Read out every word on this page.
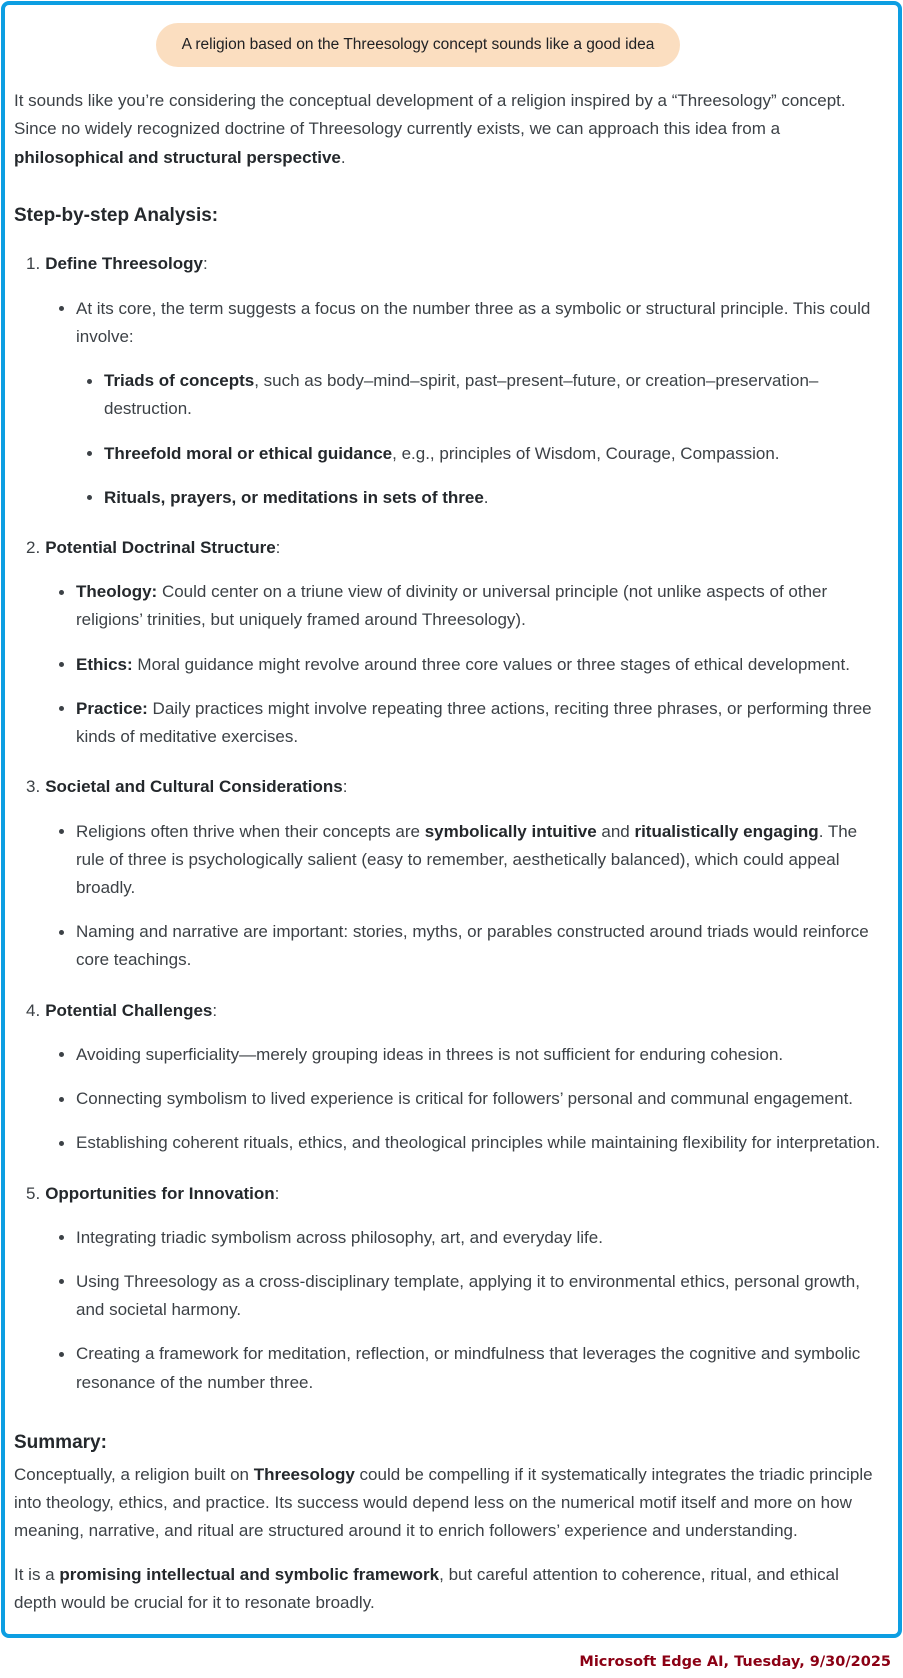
A religion based on the Threesology concept sounds like a good idea

It sounds like you’re considering the conceptual development of a religion inspired by a “Threesology” concept. Since no widely recognized doctrine of Threesology currently exists, we can approach this idea from a philosophical and structural perspective.

Step-by-step Analysis:
1. Define Threesology:
At its core, the term suggests a focus on the number three as a symbolic or structural principle. This could involve:
Triads of concepts, such as body–mind–spirit, past–present–future, or creation–preservation–destruction.
Threefold moral or ethical guidance, e.g., principles of Wisdom, Courage, Compassion.
Rituals, prayers, or meditations in sets of three.
2. Potential Doctrinal Structure:
Theology: Could center on a triune view of divinity or universal principle (not unlike aspects of other religions’ trinities, but uniquely framed around Threesology).
Ethics: Moral guidance might revolve around three core values or three stages of ethical development.
Practice: Daily practices might involve repeating three actions, reciting three phrases, or performing three kinds of meditative exercises.
3. Societal and Cultural Considerations:
Religions often thrive when their concepts are symbolically intuitive and ritualistically engaging. The rule of three is psychologically salient (easy to remember, aesthetically balanced), which could appeal broadly.
Naming and narrative are important: stories, myths, or parables constructed around triads would reinforce core teachings.
4. Potential Challenges:
Avoiding superficiality—merely grouping ideas in threes is not sufficient for enduring cohesion.
Connecting symbolism to lived experience is critical for followers’ personal and communal engagement.
Establishing coherent rituals, ethics, and theological principles while maintaining flexibility for interpretation.
5. Opportunities for Innovation:
Integrating triadic symbolism across philosophy, art, and everyday life.
Using Threesology as a cross-disciplinary template, applying it to environmental ethics, personal growth, and societal harmony.
Creating a framework for meditation, reflection, or mindfulness that leverages the cognitive and symbolic resonance of the number three.
Summary:

Conceptually, a religion built on Threesology could be compelling if it systematically integrates the triadic principle into theology, ethics, and practice. Its success would depend less on the numerical motif itself and more on how meaning, narrative, and ritual are structured around it to enrich followers’ experience and understanding.

It is a promising intellectual and symbolic framework, but careful attention to coherence, ritual, and ethical depth would be crucial for it to resonate broadly.

Microsoft Edge AI, Tuesday, 9/30/2025
